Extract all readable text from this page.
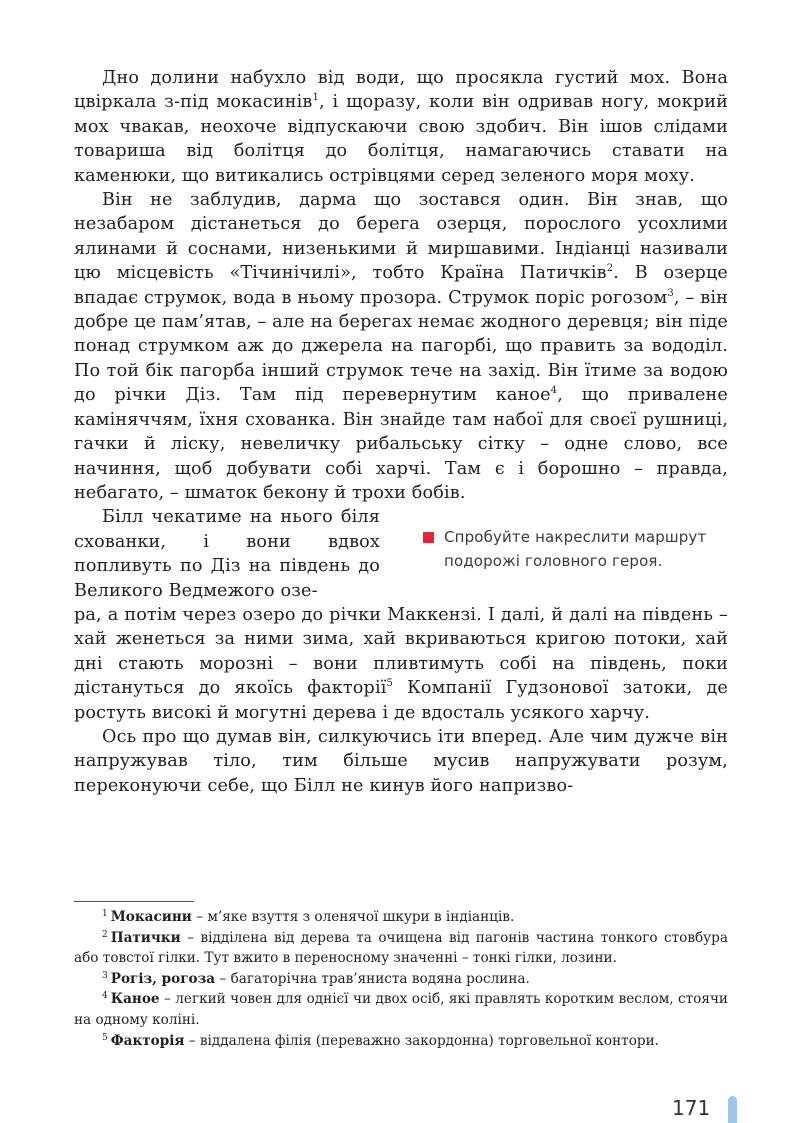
Дно долини набухло від води, що просякла густий мох. Вона цвіркала з-під мокасинів$^1$, і щоразу, коли він одривав ногу, мокрий мох чвакав, неохоче відпускаючи свою здобич. Він ішов слідами товариша від болітця до болітця, намагаючись ставати на каменюки, що витикались острівцями серед зеленого моря моху.

Він не заблудив, дарма що зостався один. Він знав, що незабаром дістанеться до берега озерця, порослого усохлими ялинами й соснами, низенькими й миршавими. Індіанці називали цю місцевість «Тічинічилі», тобто Країна Патичків$^2$. В озерце впадає струмок, вода в ньому прозора. Струмок поріс рогозом$^3$, – він добре це пам’ятав, – але на берегах немає жодного деревця; він піде понад струмком аж до джерела на пагорбі, що править за вододіл. По той бік пагорба інший струмок тече на захід. Він їтиме за водою до річки Діз. Там під перевернутим каное$^4$, що привалене каміняччям, їхня схованка. Він знайде там набої для своєї рушниці, гачки й ліску, невеличку рибальську сітку – одне слово, все начиння, щоб добувати собі харчі. Там є і борошно – правда, небагато, – шматок бекону й трохи бобів.

Білл чекатиме на нього біля схованки, і вони вдвох попливуть по Діз на південь до Великого Ведмежого озе-
Спробуйте накреслити маршрут подорожі головного героя.

ра, а потім через озеро до річки Маккензі. І далі, й далі на південь – хай женеться за ними зима, хай вкриваються кригою потоки, хай дні стають морозні – вони пливтимуть собі на південь, поки дістануться до якоїсь факторії$^5$ Компанії Гудзонової затоки, де ростуть високі й могутні дерева і де вдосталь усякого харчу.

Ось про що думав він, силкуючись іти вперед. Але чим дужче він напружував тіло, тим більше мусив напружувати розум, переконуючи себе, що Білл не кинув його напризво-

$^1$ Мокасини – м’яке взуття з оленячої шкури в індіанців.

$^2$ Патички – відділена від дерева та очищена від пагонів частина тонкого стовбура або товстої гілки. Тут вжито в переносному значенні – тонкі гілки, лозини.

$^3$ Рогіз, рогоза – багаторічна трав’яниста водяна рослина.

$^4$ Каное – легкий човен для однієї чи двох осіб, які правлять коротким веслом, стоячи на одному коліні.

$^5$ Факторія – віддалена філія (переважно закордонна) торговельної контори.

171
